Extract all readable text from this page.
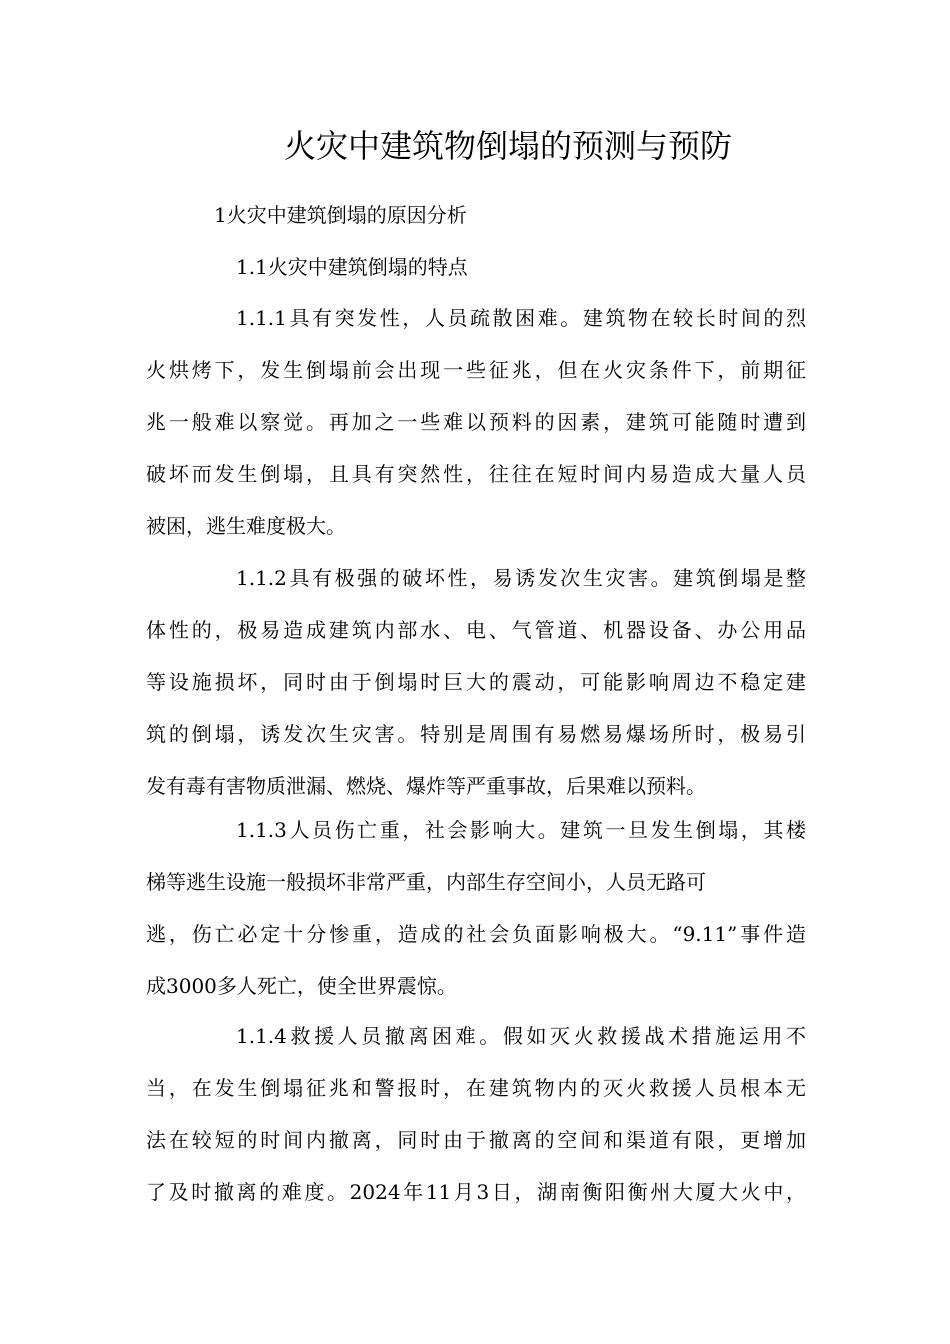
火灾中建筑物倒塌的预测与预防
1火灾中建筑倒塌的原因分析
1.1火灾中建筑倒塌的特点
1.1.1具有突发性，人员疏散困难。建筑物在较长时间的烈
火烘烤下，发生倒塌前会出现一些征兆，但在火灾条件下，前期征
兆一般难以察觉。再加之一些难以预料的因素，建筑可能随时遭到
破坏而发生倒塌，且具有突然性，往往在短时间内易造成大量人员
被困，逃生难度极大。
1.1.2具有极强的破坏性，易诱发次生灾害。建筑倒塌是整
体性的，极易造成建筑内部水、电、气管道、机器设备、办公用品
等设施损坏，同时由于倒塌时巨大的震动，可能影响周边不稳定建
筑的倒塌，诱发次生灾害。特别是周围有易燃易爆场所时，极易引
发有毒有害物质泄漏、燃烧、爆炸等严重事故，后果难以预料。
1.1.3人员伤亡重，社会影响大。建筑一旦发生倒塌，其楼
梯等逃生设施一般损坏非常严重，内部生存空间小，人员无路可
逃，伤亡必定十分惨重，造成的社会负面影响极大。“9.11”事件造
成3000多人死亡，使全世界震惊。
1.1.4救援人员撤离困难。假如灭火救援战术措施运用不
当，在发生倒塌征兆和警报时，在建筑物内的灭火救援人员根本无
法在较短的时间内撤离，同时由于撤离的空间和渠道有限，更增加
了及时撤离的难度。2024年11月3日，湖南衡阳衡州大厦大火中，
